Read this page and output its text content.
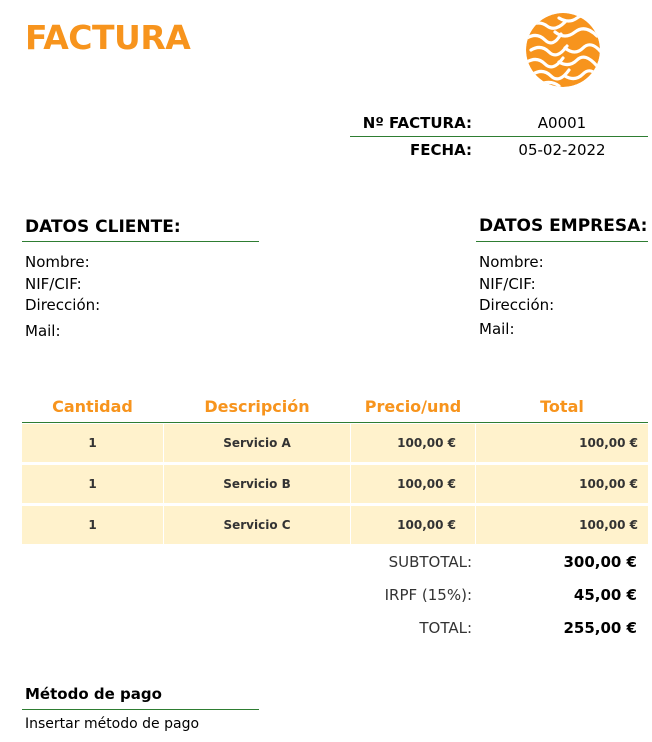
FACTURA
Nº FACTURA:	A0001
FECHA:	05-02-2022
DATOS CLIENTE:
Nombre:
NIF/CIF:
Dirección:
Mail:
DATOS EMPRESA:
Nombre:
NIF/CIF:
Dirección:
Mail:
Cantidad	Descripción	Precio/und	Total
1	Servicio A	100,00 €	100,00 €
1	Servicio B	100,00 €	100,00 €
1	Servicio C	100,00 €	100,00 €
SUBTOTAL:	300,00 €
IRPF (15%):	45,00 €
TOTAL:	255,00 €
Método de pago
Insertar método de pago
